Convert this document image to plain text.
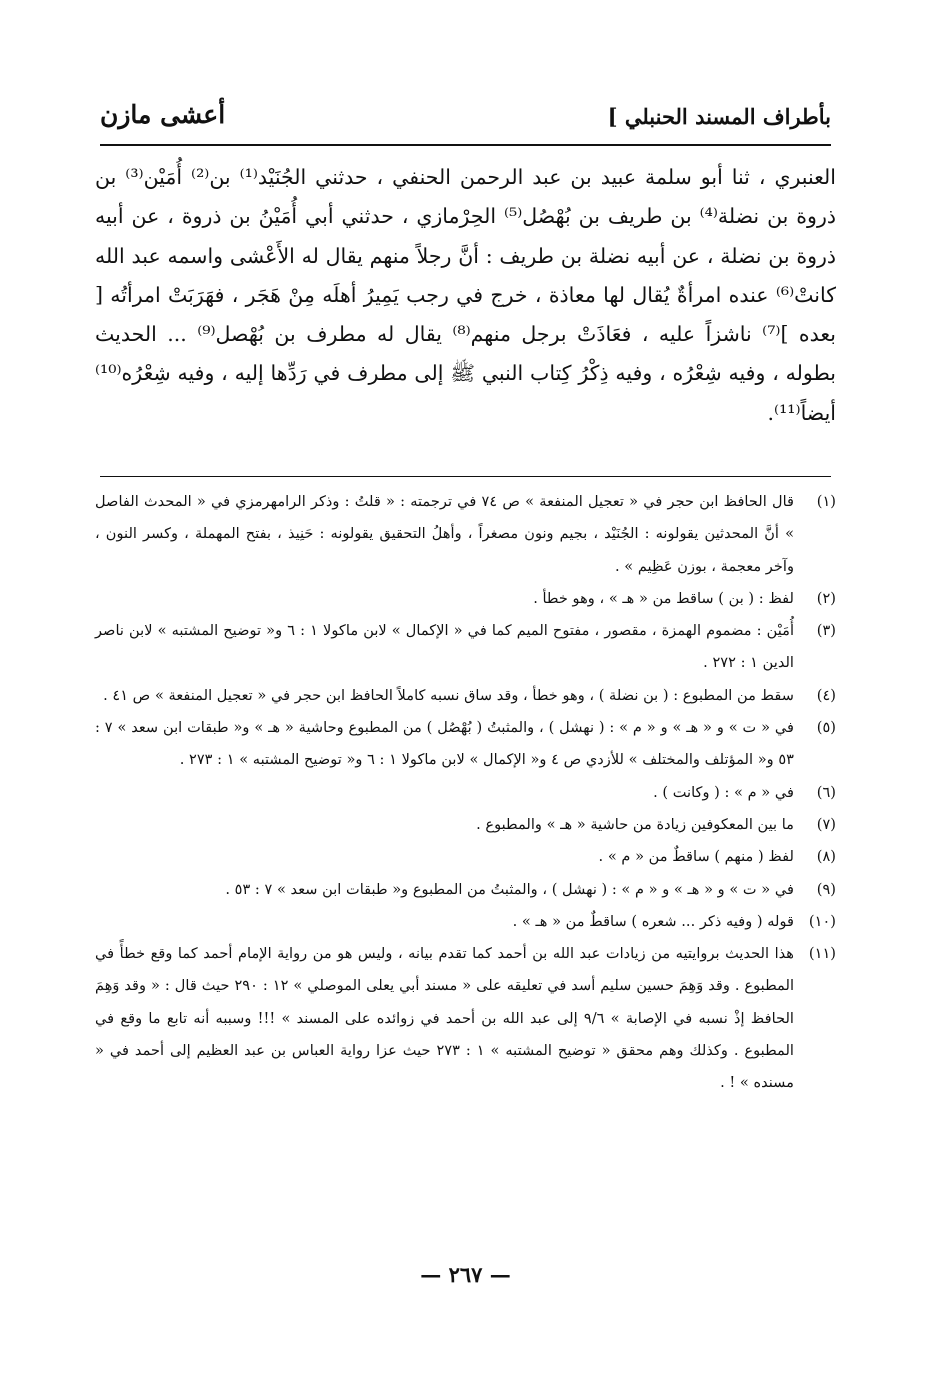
بأطراف المسند الحنبلي ]
أعشى مازن

العنبري ، ثنا أبو سلمة عبيد بن عبد الرحمن الحنفي ، حدثني الجُنَيْد⁽¹⁾ بن⁽²⁾ أُمَيْن⁽³⁾ بن ذروة بن نضلة⁽⁴⁾ بن طريف بن بُهْصُل⁽⁵⁾ الحِرْمازي ، حدثني أبي أُمَيْنُ بن ذروة ، عن أبيه ذروة بن نضلة ، عن أبيه نضلة بن طريف : أنَّ رجلاً منهم يقال له الأَعْشى واسمه عبد الله كانتْ⁽⁶⁾ عنده امرأةٌ يُقال لها معاذة ، خرج في رجب يَمِيرُ أهلَه مِنْ هَجَر ، فهَرَبَتْ امرأتُه [ بعده ]⁽⁷⁾ ناشزاً عليه ، فعَاذَتْ برجل منهم⁽⁸⁾ يقال له مطرف بن بُهْصل⁽⁹⁾ ... الحديث بطوله ، وفيه شِعْرُه ، وفيه ذِكْرُ كِتاب النبي ﷺ إلى مطرف في رَدِّها إليه ، وفيه شِعْرُه⁽¹⁰⁾ أيضاً⁽¹¹⁾.

(١)
قال الحافظ ابن حجر في « تعجيل المنفعة » ص ٧٤ في ترجمته : « قلتُ : وذكر الرامهرمزي في « المحدث الفاصل » أنَّ المحدثين يقولونه : الجُنَيْد ، بجيم ونون مصغراً ، وأهلُ التحقيق يقولونه : حَنِيذ ، بفتح المهملة ، وكسر النون ، وآخر معجمة ، بوزن عَظِيم » .
(٢)
لفظ : ( بن ) ساقط من « هـ » ، وهو خطأ .
(٣)
أُمَيْن : مضموم الهمزة ، مقصور ، مفتوح الميم كما في « الإكمال » لابن ماكولا ١ : ٦ و« توضيح المشتبه » لابن ناصر الدين ١ : ٢٧٢ .
(٤)
سقط من المطبوع : ( بن نضلة ) ، وهو خطأ ، وقد ساق نسبه كاملاً الحافظ ابن حجر في « تعجيل المنفعة » ص ٤١ .
(٥)
في « ت » و « هـ » و « م » : ( نهشل ) ، والمثبتُ ( بُهْصُل ) من المطبوع وحاشية « هـ » و« طبقات ابن سعد » ٧ : ٥٣ و« المؤتلف والمختلف » للأزدي ص ٤ و« الإكمال » لابن ماكولا ١ : ٦ و« توضيح المشتبه » ١ : ٢٧٣ .
(٦)
في « م » : ( وكانت ) .
(٧)
ما بين المعكوفين زيادة من حاشية « هـ » والمطبوع .
(٨)
لفظ ( منهم ) ساقطٌ من « م » .
(٩)
في « ت » و « هـ » و « م » : ( نهشل ) ، والمثبتُ من المطبوع و« طبقات ابن سعد » ٧ : ٥٣ .
(١٠)
قوله ( وفيه ذكر ... شعره ) ساقطٌ من « هـ » .
(١١)
هذا الحديث بروايتيه من زيادات عبد الله بن أحمد كما تقدم بيانه ، وليس هو من رواية الإمام أحمد كما وقع خطأً في المطبوع . وقد وَهِمَ حسين سليم أسد في تعليقه على « مسند أبي يعلى الموصلي » ١٢ : ٢٩٠ حيث قال : « وقد وَهِمَ الحافظ إذْ نسبه في الإصابة » ٩/٦ إلى عبد الله بن أحمد في زوائده على المسند » !!! وسببه أنه تابع ما وقع في المطبوع . وكذلك وهم محقق « توضيح المشتبه » ١ : ٢٧٣ حيث عزا رواية العباس بن عبد العظيم إلى أحمد في « مسنده » ! .
— ٢٦٧ —
